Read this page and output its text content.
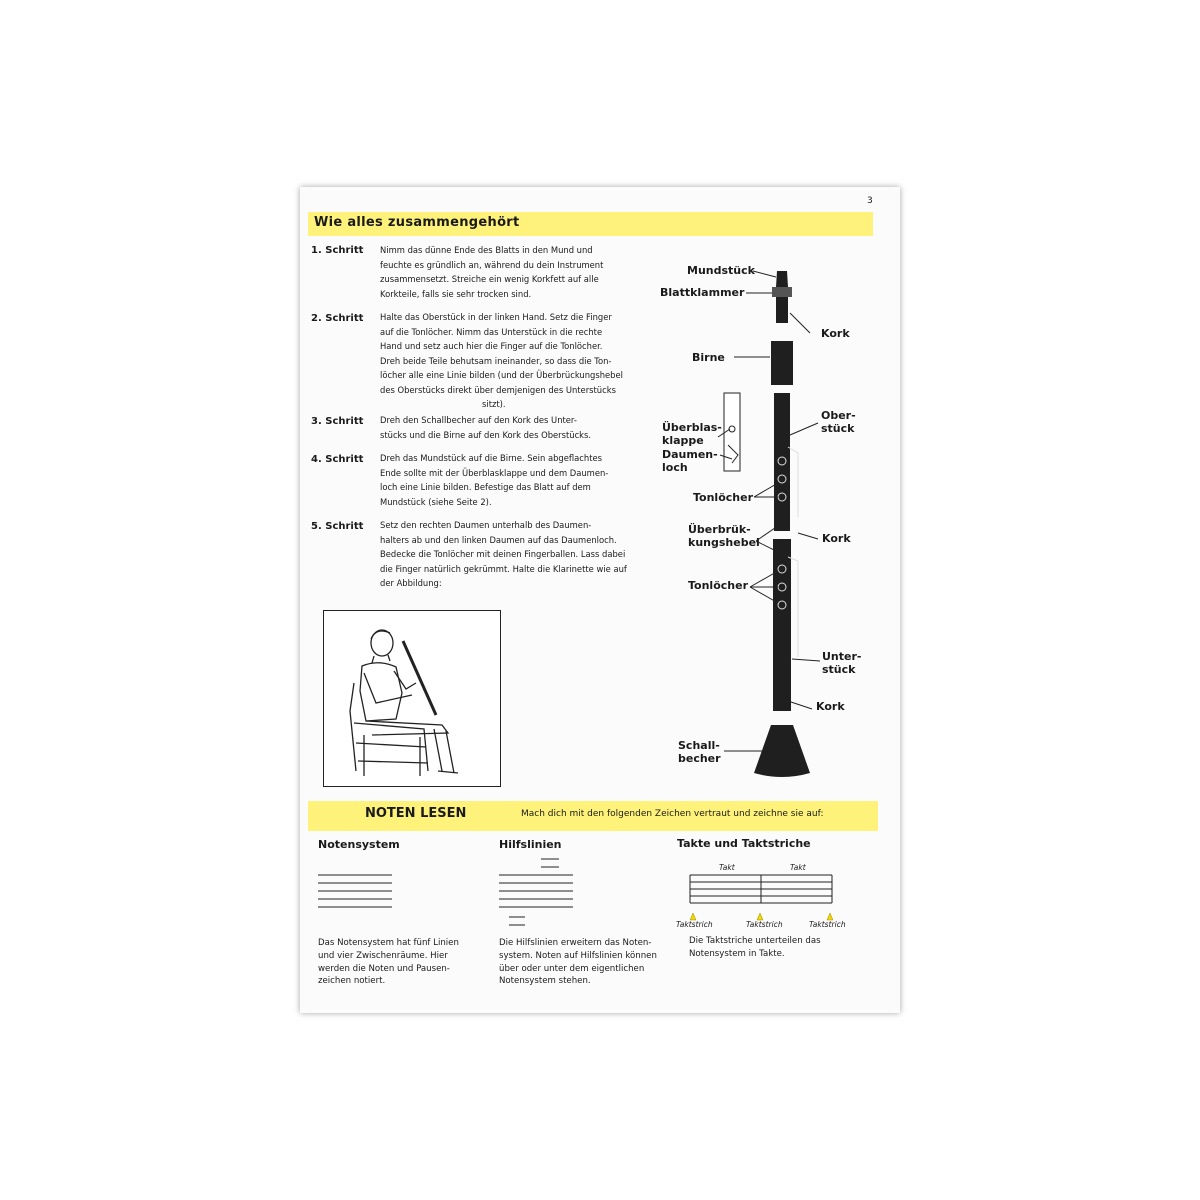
3
Wie alles zusammengehört
1. Schritt Nimm das dünne Ende des Blatts in den Mund und
feuchte es gründlich an, während du dein Instrument
zusammensetzt. Streiche ein wenig Korkfett auf alle
Korkteile, falls sie sehr trocken sind.
2. Schritt Halte das Oberstück in der linken Hand. Setz die Finger
auf die Tonlöcher. Nimm das Unterstück in die rechte
Hand und setz auch hier die Finger auf die Tonlöcher.
Dreh beide Teile behutsam ineinander, so dass die Ton-
löcher alle eine Linie bilden (und der Überbrückungshebel
des Oberstücks direkt über demjenigen des Unterstücks
sitzt).
3. Schritt Dreh den Schallbecher auf den Kork des Unter-
stücks und die Birne auf den Kork des Oberstücks.
4. Schritt Dreh das Mundstück auf die Birne. Sein abgeflachtes
Ende sollte mit der Überblasklappe und dem Daumen-
loch eine Linie bilden. Befestige das Blatt auf dem
Mundstück (siehe Seite 2).
5. Schritt Setz den rechten Daumen unterhalb des Daumen-
halters ab und den linken Daumen auf das Daumenloch.
Bedecke die Tonlöcher mit deinen Fingerballen. Lass dabei
die Finger natürlich gekrümmt. Halte die Klarinette wie auf
der Abbildung:
Mundstück
Blattklammer
Kork
Birne
Ober-
stück
Überblas-
klappe
Daumen-
loch
Tonlöcher
Überbrük-
kungshebel	Kork
Tonlöcher
Unter-
stück
Kork
Schall-
becher
NOTEN LESEN	Mach dich mit den folgenden Zeichen vertraut und zeichne sie auf:
Notensystem
Das Notensystem hat fünf Linien
und vier Zwischenräume. Hier
werden die Noten und Pausen-
zeichen notiert.
Hilfslinien
Die Hilfslinien erweitern das Noten-
system. Noten auf Hilfslinien können
über oder unter dem eigentlichen
Notensystem stehen.
Takte und Taktstriche
Takt	Takt
Taktstrich	Taktstrich	Taktstrich
Die Taktstriche unterteilen das
Notensystem in Takte.
